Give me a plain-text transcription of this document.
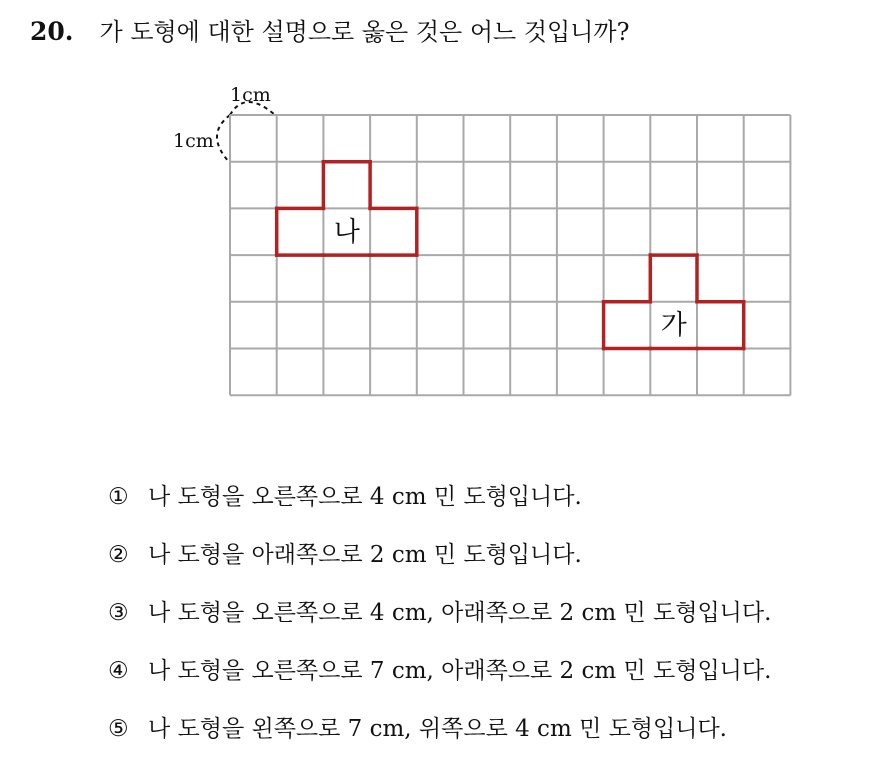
20. 가 도형에 대한 설명으로 옳은 것은 어느 것입니까?
1cm
1cm
나
가
① 나 도형을 오른쪽으로 4 cm 민 도형입니다.
② 나 도형을 아래쪽으로 2 cm 민 도형입니다.
③ 나 도형을 오른쪽으로 4 cm, 아래쪽으로 2 cm 민 도형입니다.
④ 나 도형을 오른쪽으로 7 cm, 아래쪽으로 2 cm 민 도형입니다.
⑤ 나 도형을 왼쪽으로 7 cm, 위쪽으로 4 cm 민 도형입니다.
